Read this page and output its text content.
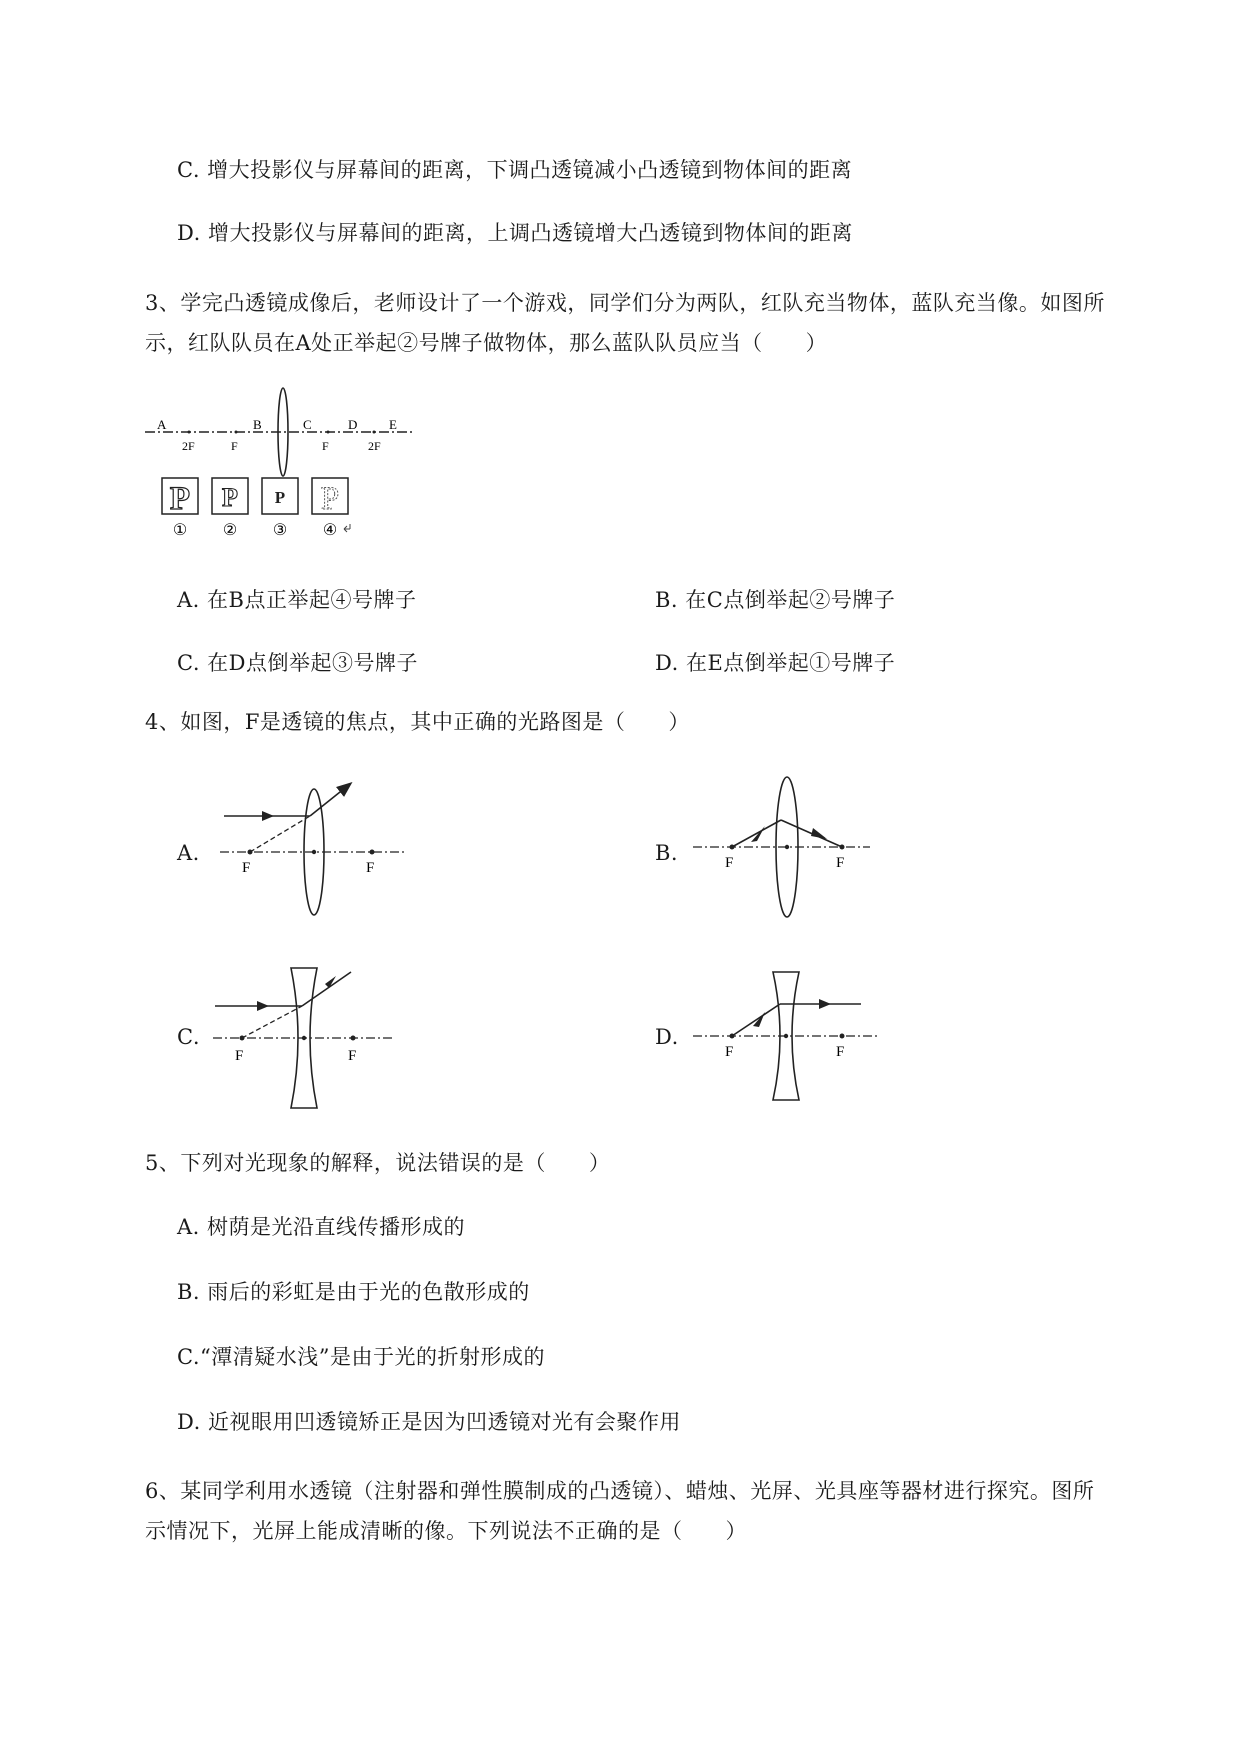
C. 增大投影仪与屏幕间的距离，下调凸透镜减小凸透镜到物体间的距离
D. 增大投影仪与屏幕间的距离，上调凸透镜增大凸透镜到物体间的距离
3、学完凸透镜成像后，老师设计了一个游戏，同学们分为两队，红队充当物体，蓝队充当像。如图所
示，红队队员在A处正举起②号牌子做物体，那么蓝队队员应当（　　）
A	B	C	D E
2F	F	F	2F
P P P P
① ② ③ ④
A. 在B点正举起④号牌子	B. 在C点倒举起②号牌子
C. 在D点倒举起③号牌子	D. 在E点倒举起①号牌子
4、如图，F是透镜的焦点，其中正确的光路图是（　　）
A.
F	F
B.	F	F
C.
F	F
D.
F	F
5、下列对光现象的解释，说法错误的是（　　）
A. 树荫是光沿直线传播形成的
B. 雨后的彩虹是由于光的色散形成的
C.“潭清疑水浅”是由于光的折射形成的
D. 近视眼用凹透镜矫正是因为凹透镜对光有会聚作用
6、某同学利用水透镜（注射器和弹性膜制成的凸透镜）、蜡烛、光屏、光具座等器材进行探究。图所
示情况下，光屏上能成清晰的像。下列说法不正确的是（　　）
